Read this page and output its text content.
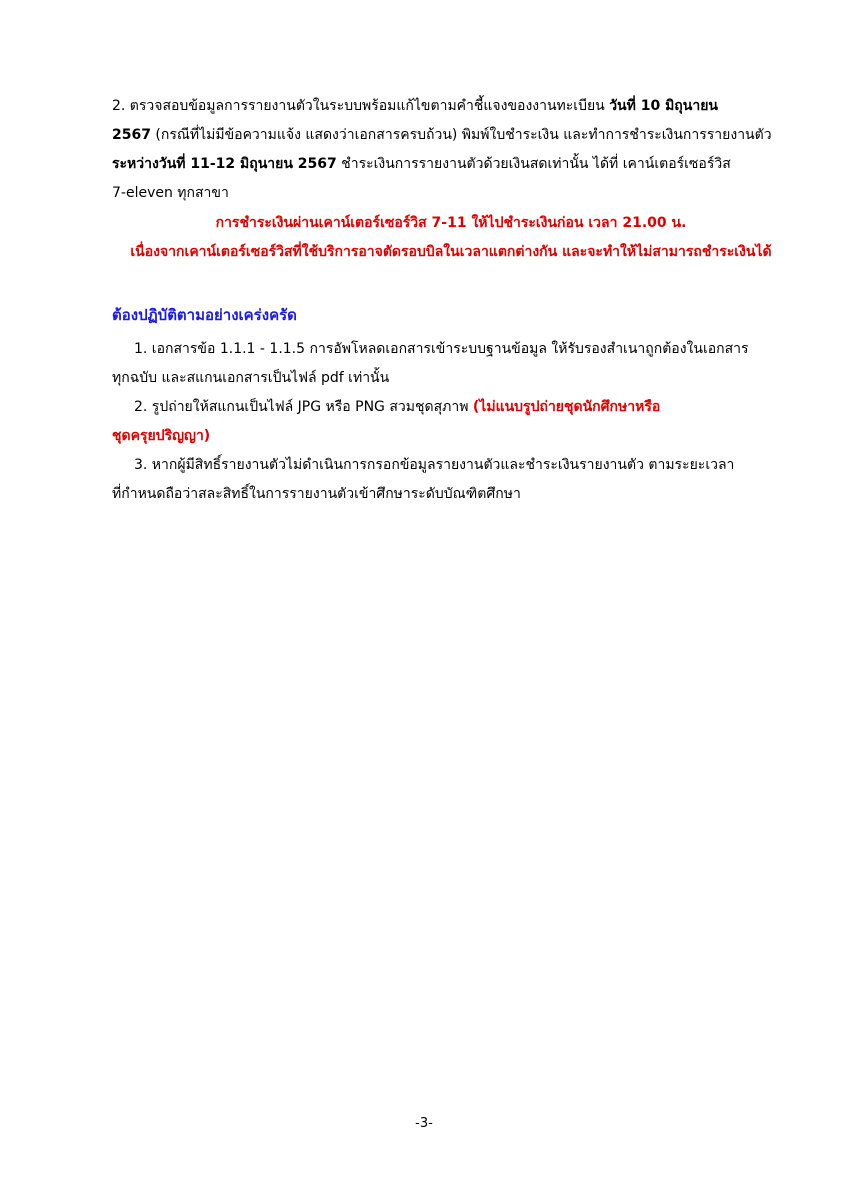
2. ตรวจสอบข้อมูลการรายงานตัวในระบบพร้อมแก้ไขตามคำชี้แจงของงานทะเบียน วันที่ 10 มิถุนายน
2567 (กรณีที่ไม่มีข้อความแจ้ง แสดงว่าเอกสารครบถ้วน) พิมพ์ใบชำระเงิน และทำการชำระเงินการรายงานตัว
ระหว่างวันที่ 11-12 มิถุนายน 2567 ชำระเงินการรายงานตัวด้วยเงินสดเท่านั้น ได้ที่ เคาน์เตอร์เซอร์วิส
7-eleven ทุกสาขา
การชำระเงินผ่านเคาน์เตอร์เซอร์วิส 7-11 ให้ไปชำระเงินก่อน เวลา 21.00 น.
เนื่องจากเคาน์เตอร์เซอร์วิสที่ใช้บริการอาจตัดรอบบิลในเวลาแตกต่างกัน และจะทำให้ไม่สามารถชำระเงินได้
ต้องปฏิบัติตามอย่างเคร่งครัด
1. เอกสารข้อ 1.1.1 - 1.1.5 การอัพโหลดเอกสารเข้าระบบฐานข้อมูล ให้รับรองสำเนาถูกต้องในเอกสาร
ทุกฉบับ และสแกนเอกสารเป็นไฟล์ pdf เท่านั้น
2. รูปถ่ายให้สแกนเป็นไฟล์ JPG หรือ PNG สวมชุดสุภาพ (ไม่แนบรูปถ่ายชุดนักศึกษาหรือ
ชุดครุยปริญญา)
3. หากผู้มีสิทธิ์รายงานตัวไม่ดำเนินการกรอกข้อมูลรายงานตัวและชำระเงินรายงานตัว ตามระยะเวลา
ที่กำหนดถือว่าสละสิทธิ์ในการรายงานตัวเข้าศึกษาระดับบัณฑิตศึกษา
-3-
